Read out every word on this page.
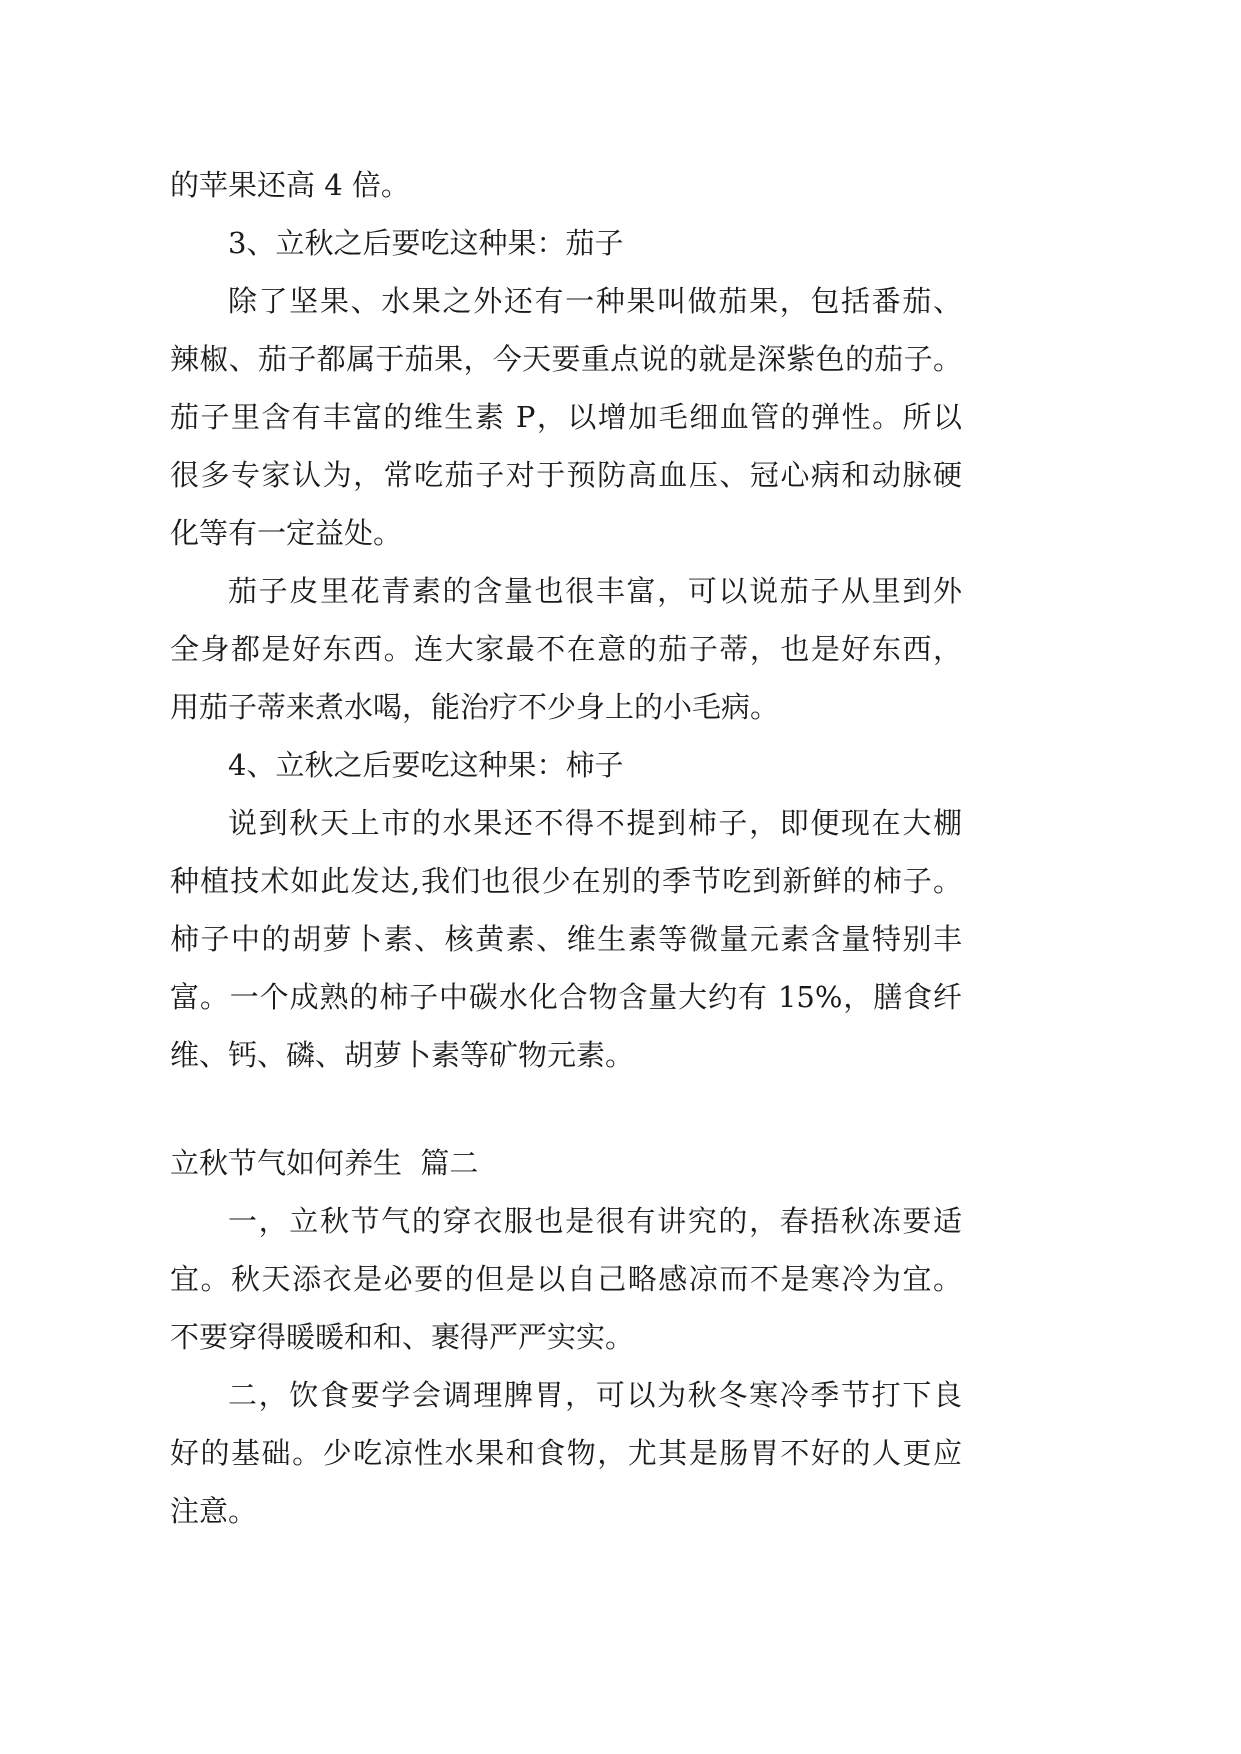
的苹果还高 4 倍。
3、立秋之后要吃这种果：茄子
除了坚果、水果之外还有一种果叫做茄果，包括番茄、
辣椒、茄子都属于茄果，今天要重点说的就是深紫色的茄子。
茄子里含有丰富的维生素 P，以增加毛细血管的弹性。所以
很多专家认为，常吃茄子对于预防高血压、冠心病和动脉硬
化等有一定益处。
茄子皮里花青素的含量也很丰富，可以说茄子从里到外
全身都是好东西。连大家最不在意的茄子蒂，也是好东西，
用茄子蒂来煮水喝，能治疗不少身上的小毛病。
4、立秋之后要吃这种果：柿子
说到秋天上市的水果还不得不提到柿子，即便现在大棚
种植技术如此发达,我们也很少在别的季节吃到新鲜的柿子。
柿子中的胡萝卜素、核黄素、维生素等微量元素含量特别丰
富。一个成熟的柿子中碳水化合物含量大约有 15%，膳食纤
维、钙、磷、胡萝卜素等矿物元素。
立秋节气如何养生  篇二
一，立秋节气的穿衣服也是很有讲究的，春捂秋冻要适
宜。秋天添衣是必要的但是以自己略感凉而不是寒冷为宜。
不要穿得暖暖和和、裹得严严实实。
二，饮食要学会调理脾胃，可以为秋冬寒冷季节打下良
好的基础。少吃凉性水果和食物，尤其是肠胃不好的人更应
注意。
